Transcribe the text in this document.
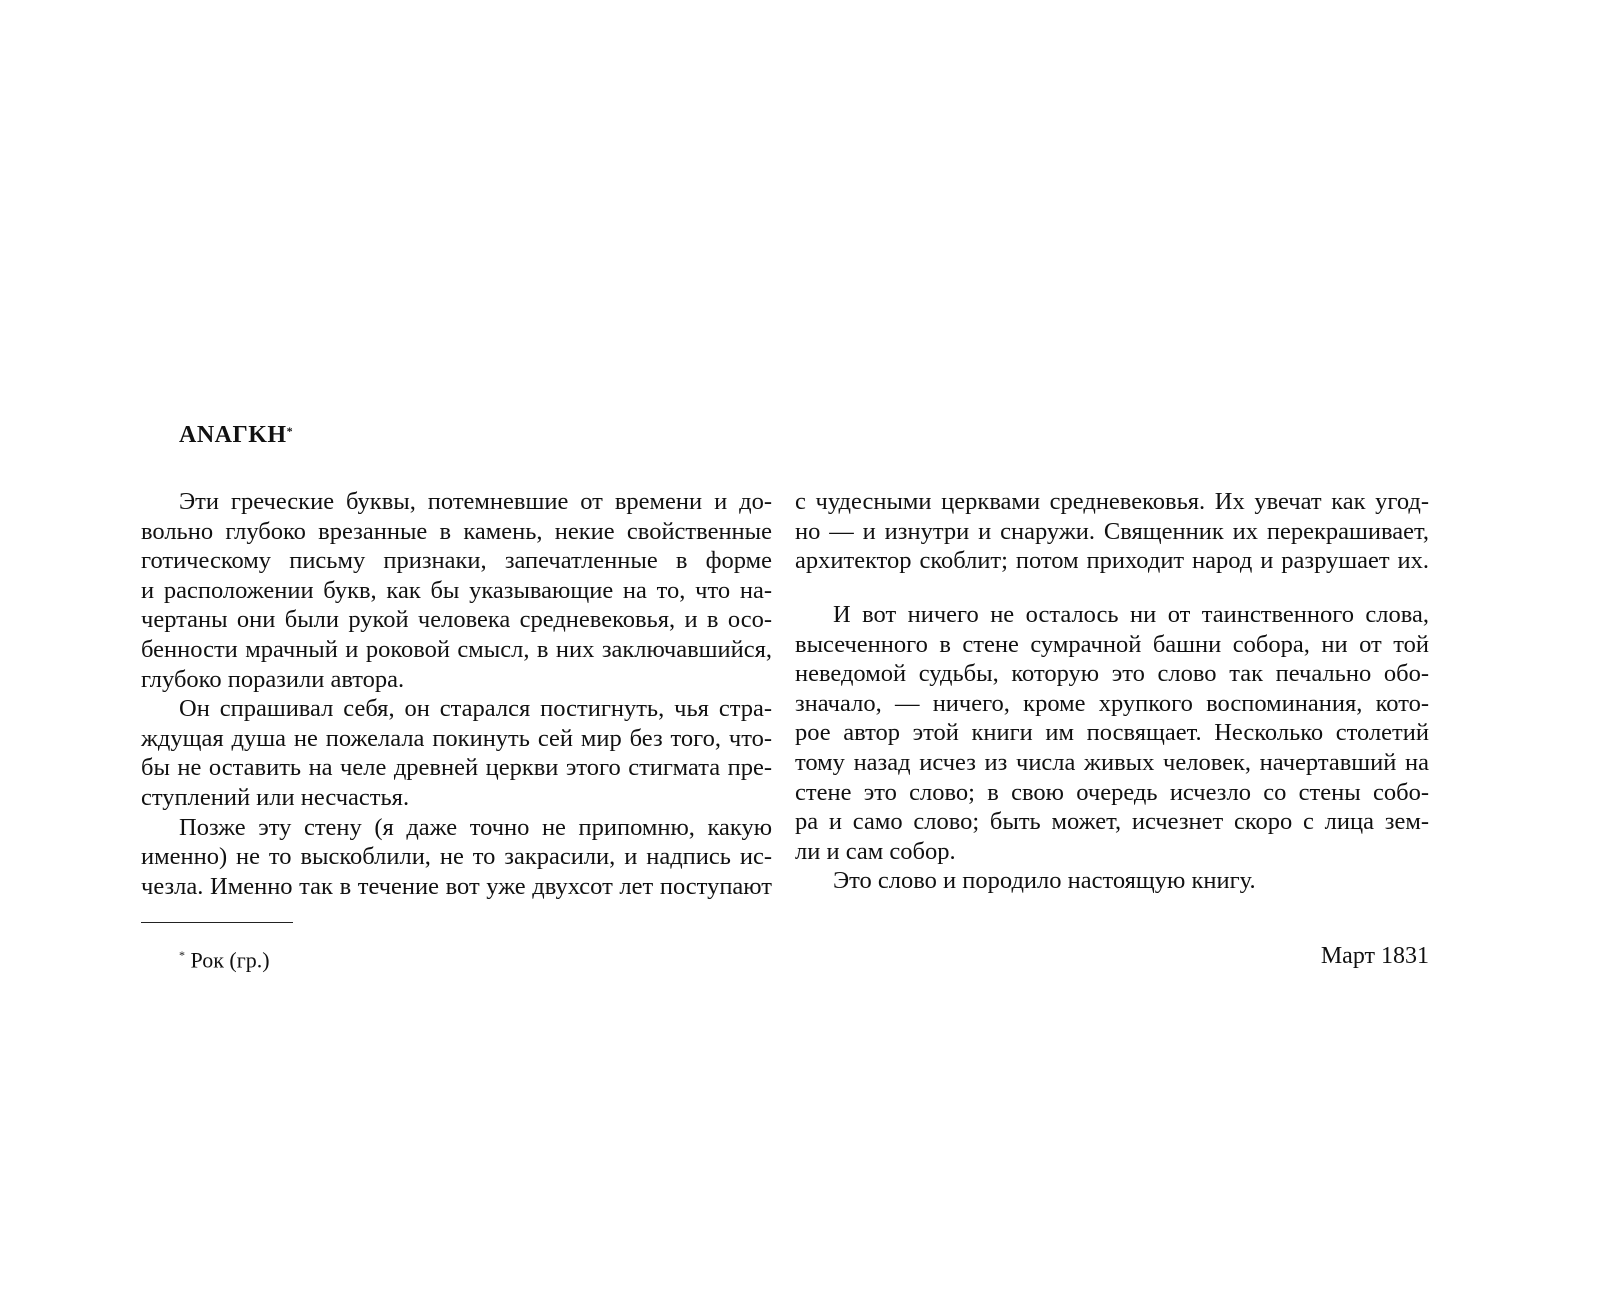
ΑΝΑΓΚΗ*

Эти греческие буквы, потемневшие от времени и до-
вольно глубоко врезанные в камень, некие свойственные
готическому письму признаки, запечатленные в форме
и расположении букв, как бы указывающие на то, что на-
чертаны они были рукой человека средневековья, и в осо-
бенности мрачный и роковой смысл, в них заключавшийся,
глубоко поразили автора.

Он спрашивал себя, он старался постигнуть, чья стра-
ждущая душа не пожелала покинуть сей мир без того, что-
бы не оставить на челе древней церкви этого стигмата пре-
ступлений или несчастья.

Позже эту стену (я даже точно не припомню, какую
именно) не то выскоблили, не то закрасили, и надпись ис-
чезла. Именно так в течение вот уже двухсот лет поступают

* Рок (гр.)
с чудесными церквами средневековья. Их увечат как угод-
но — и изнутри и снаружи. Священник их перекрашивает,
архитектор скоблит; потом приходит народ и разрушает их.
И вот ничего не осталось ни от таинственного слова,
высеченного в стене сумрачной башни собора, ни от той
неведомой судьбы, которую это слово так печально обо-
значало, — ничего, кроме хрупкого воспоминания, кото-
рое автор этой книги им посвящает. Несколько столетий
тому назад исчез из числа живых человек, начертавший на
стене это слово; в свою очередь исчезло со стены собо-
ра и само слово; быть может, исчезнет скоро с лица зем-
ли и сам собор.
Это слово и породило настоящую книгу.
Март 1831
